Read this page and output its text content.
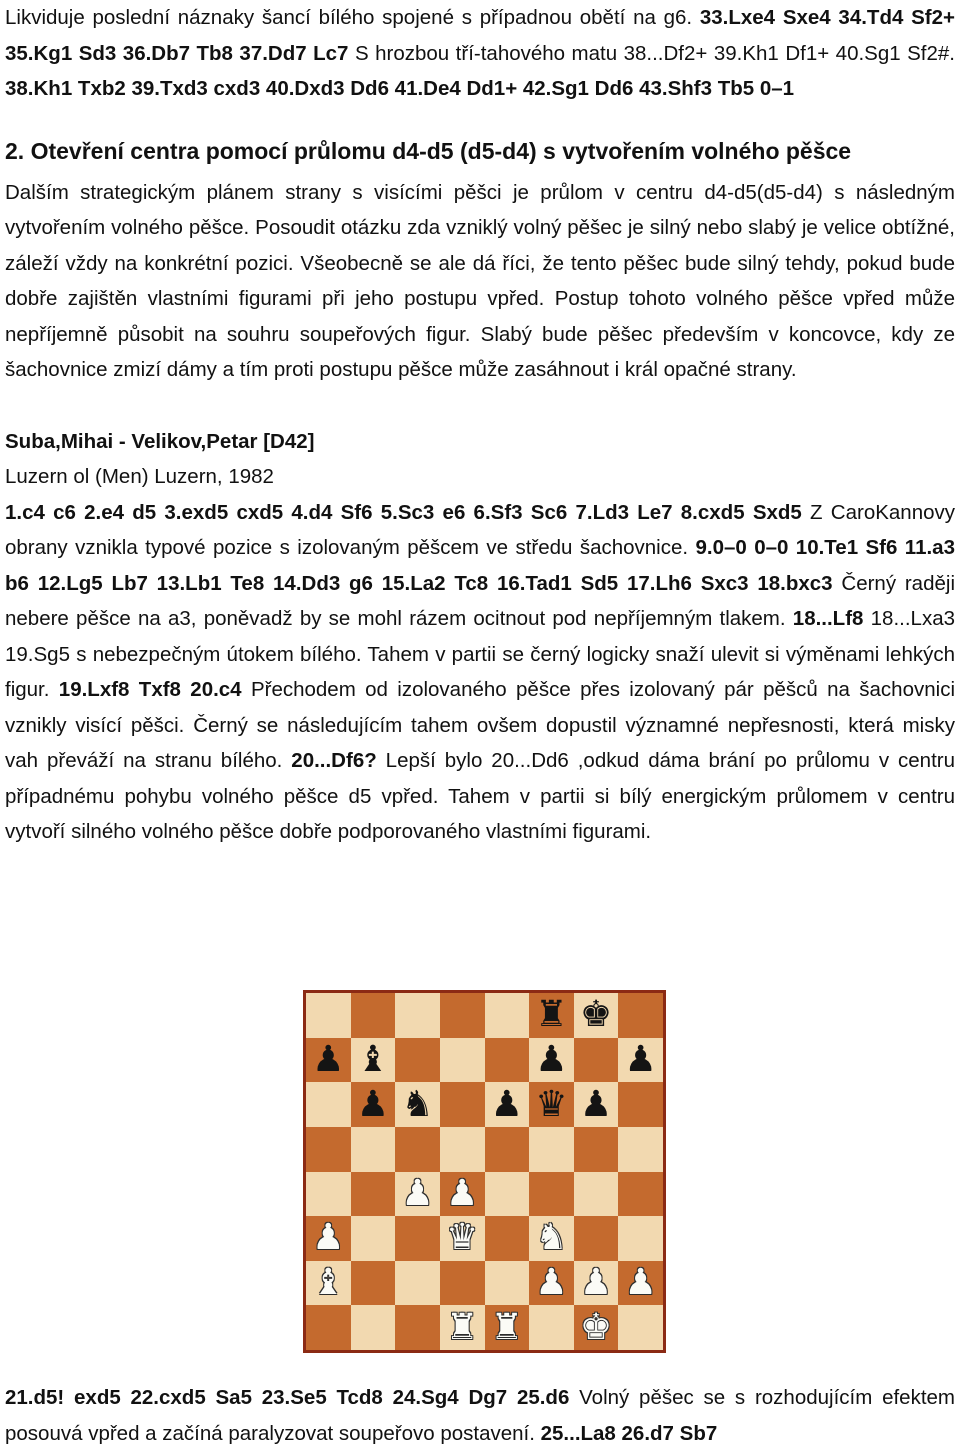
Likviduje poslední náznaky šancí bílého spojené s případnou obětí na g6. 33.Lxe4 Sxe4 34.Td4 Sf2+ 35.Kg1 Sd3 36.Db7 Tb8 37.Dd7 Lc7 S hrozbou tří-tahového matu 38...Df2+ 39.Kh1 Df1+ 40.Sg1 Sf2#. 38.Kh1 Txb2 39.Txd3 cxd3 40.Dxd3 Dd6 41.De4 Dd1+ 42.Sg1 Dd6 43.Shf3 Tb5 0–1

2. Otevření centra pomocí průlomu d4-d5 (d5-d4) s vytvořením volného pěšce

Dalším strategickým plánem strany s visícími pěšci je průlom v centru d4-d5(d5-d4) s následným vytvořením volného pěšce. Posoudit otázku zda vzniklý volný pěšec je silný nebo slabý je velice obtížné, záleží vždy na konkrétní pozici. Všeobecně se ale dá říci, že tento pěšec bude silný tehdy, pokud bude dobře zajištěn vlastními figurami při jeho postupu vpřed. Postup tohoto volného pěšce vpřed může nepříjemně působit na souhru soupeřových figur. Slabý bude pěšec především v koncovce, kdy ze šachovnice zmizí dámy a tím proti postupu pěšce může zasáhnout i král opačné strany.

Suba,Mihai - Velikov,Petar [D42]

Luzern ol (Men) Luzern, 1982

1.c4 c6 2.e4 d5 3.exd5 cxd5 4.d4 Sf6 5.Sc3 e6 6.Sf3 Sc6 7.Ld3 Le7 8.cxd5 Sxd5 Z CaroKannovy obrany vznikla typové pozice s izolovaným pěšcem ve středu šachovnice. 9.0–0 0–0 10.Te1 Sf6 11.a3 b6 12.Lg5 Lb7 13.Lb1 Te8 14.Dd3 g6 15.La2 Tc8 16.Tad1 Sd5 17.Lh6 Sxc3 18.bxc3 Černý raději nebere pěšce na a3, poněvadž by se mohl rázem ocitnout pod nepříjemným tlakem. 18...Lf8 18...Lxa3 19.Sg5 s nebezpečným útokem bílého. Tahem v partii se černý logicky snaží ulevit si výměnami lehkých figur. 19.Lxf8 Txf8 20.c4 Přechodem od izolovaného pěšce přes izolovaný pár pěšců na šachovnici vznikly visící pěšci. Černý se následujícím tahem ovšem dopustil významné nepřesnosti, která misky vah převáží na stranu bílého. 20...Df6? Lepší bylo 20...Dd6 ,odkud dáma brání po průlomu v centru případnému pohybu volného pěšce d5 vpřed. Tahem v partii si bílý energickým průlomem v centru vytvoří silného volného pěšce dobře podporovaného vlastními figurami.

♜ ♚
♟ ♝	♟ ♟
♟ ♞ ♟ ♛ ♟
♟ ♟
♟	♛ ♞
♝	♟ ♟ ♟
♜ ♜ ♚

21.d5! exd5 22.cxd5 Sa5 23.Se5 Tcd8 24.Sg4 Dg7 25.d6 Volný pěšec se s rozhodujícím efektem posouvá vpřed a začíná paralyzovat soupeřovo postavení. 25...La8 26.d7 Sb7
